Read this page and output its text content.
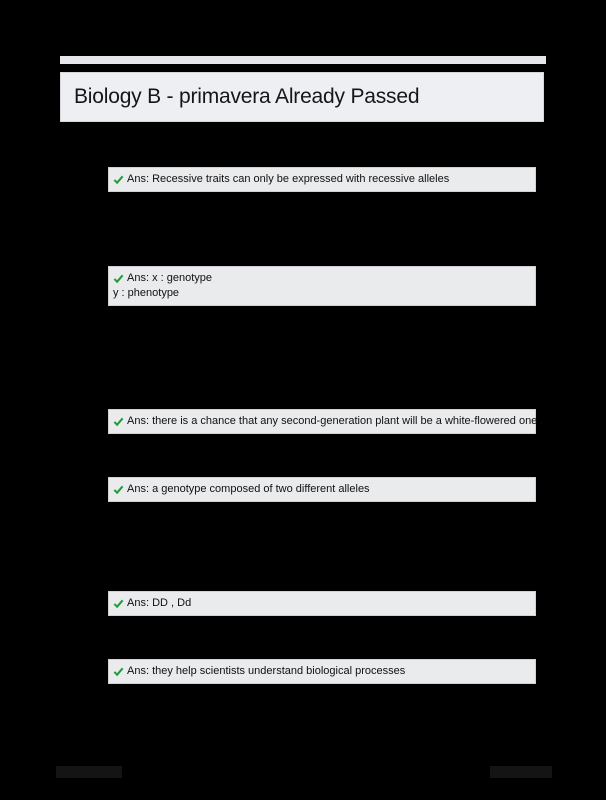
Biology B - primavera Already Passed
Ans: Recessive traits can only be expressed with recessive alleles
Ans: x : genotype
y : phenotype
Ans: there is a chance that any second-generation plant will be a white-flowered one .
Ans: a genotype composed of two different alleles
Ans: DD , Dd
Ans: they help scientists understand biological processes
